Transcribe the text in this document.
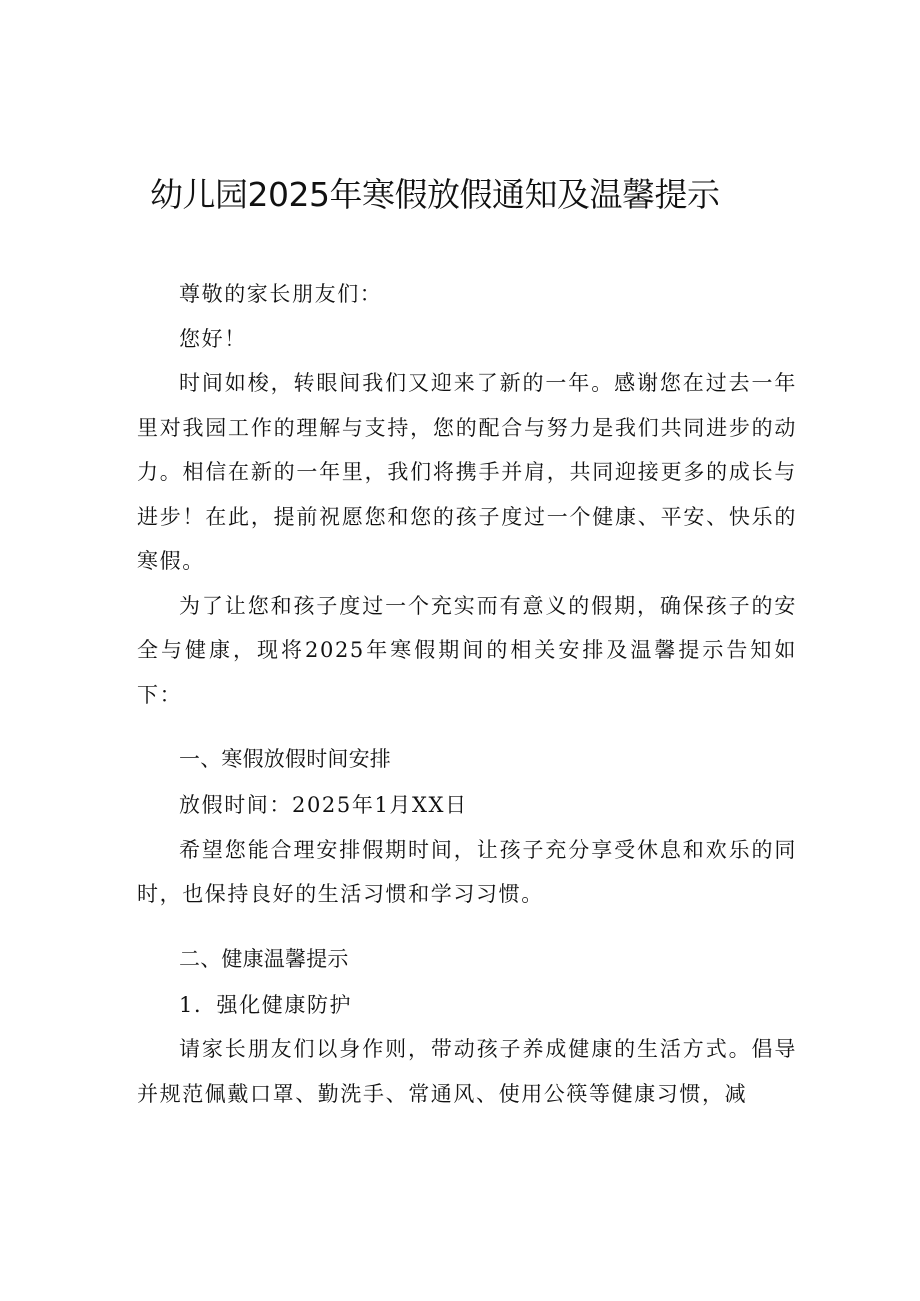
幼儿园2025年寒假放假通知及温馨提示

尊敬的家长朋友们：

您好！

时间如梭，转眼间我们又迎来了新的一年。感谢您在过去一年里对我园工作的理解与支持，您的配合与努力是我们共同进步的动力。相信在新的一年里，我们将携手并肩，共同迎接更多的成长与进步！在此，提前祝愿您和您的孩子度过一个健康、平安、快乐的寒假。

为了让您和孩子度过一个充实而有意义的假期，确保孩子的安全与健康，现将2025年寒假期间的相关安排及温馨提示告知如下：

一、寒假放假时间安排

放假时间：2025年1月XX日

希望您能合理安排假期时间，让孩子充分享受休息和欢乐的同时，也保持良好的生活习惯和学习习惯。

二、健康温馨提示

1．强化健康防护

请家长朋友们以身作则，带动孩子养成健康的生活方式。倡导并规范佩戴口罩、勤洗手、常通风、使用公筷等健康习惯，减
